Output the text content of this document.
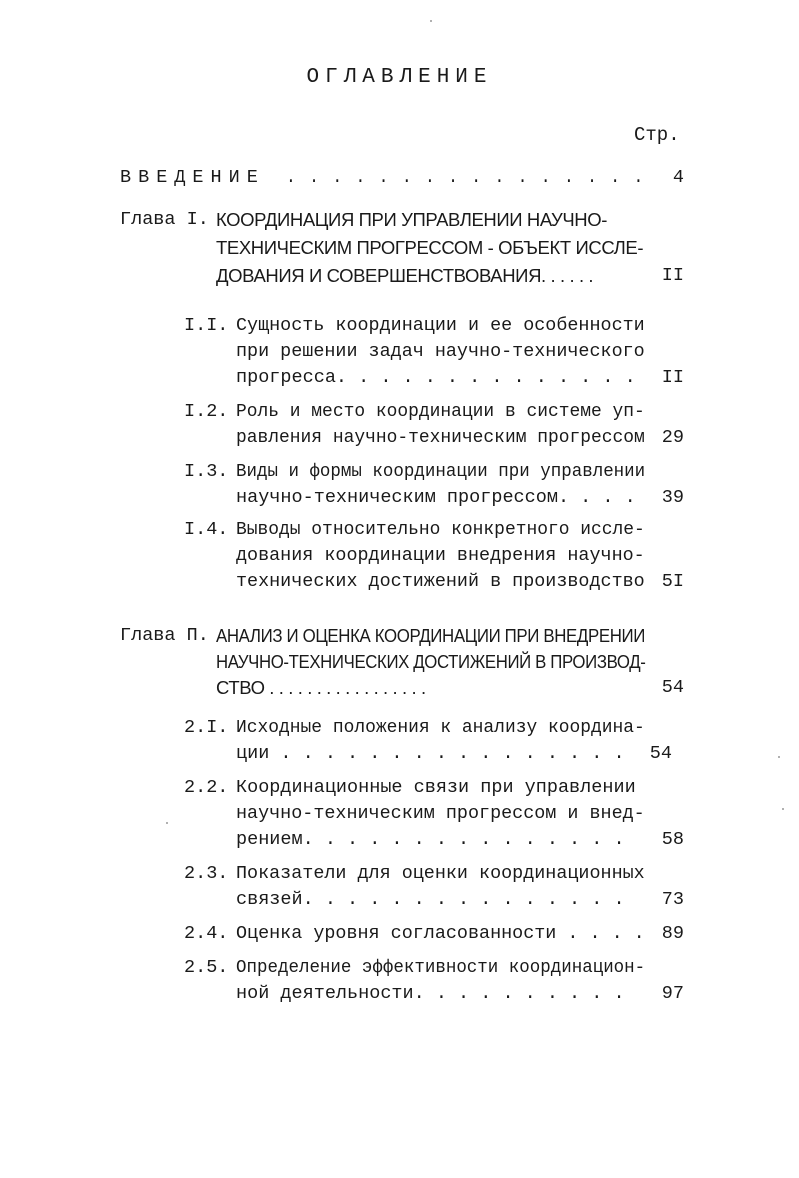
ОГЛАВЛЕНИЕ
Стр.
ВВЕДЕНИЕ . . . . . . . . . . . . . . . .	4
Глава I. КООРДИНАЦИЯ ПРИ УПРАВЛЕНИИ НАУЧНО-
ТЕХНИЧЕСКИМ ПРОГРЕССОМ - ОБЪЕКТ ИССЛЕ-
ДОВАНИЯ И СОВЕРШЕНСТВОВАНИЯ. . . . . .	II
I.I. Сущность координации и ее особенности
при решении задач научно-технического
прогресса. . . . . . . . . . . . . .	II
I.2. Роль и место координации в системе уп-
равления научно-техническим прогрессом 29
I.3. Виды и формы координации при управлении
научно-техническим прогрессом. . . .	39
I.4. Выводы относительно конкретного иссле-
дования координации внедрения научно-
технических достижений в производство 5I
Глава П. АНАЛИЗ И ОЦЕНКА КООРДИНАЦИИ ПРИ ВНЕДРЕНИИ
НАУЧНО-ТЕХНИЧЕСКИХ ДОСТИЖЕНИЙ В ПРОИЗВОД-
СТВО . . . . . . . . . . . . . . . . .	54
2.I. Исходные положения к анализу координа-
ции . . . . . . . . . . . . . . . .	54
2.2. Координационные связи при управлении
научно-техническим прогрессом и внед-
рением. . . . . . . . . . . . . . .	58
2.3. Показатели для оценки координационных
связей. . . . . . . . . . . . . . .	73
2.4. Оценка уровня согласованности . . . . 89
2.5. Определение эффективности координацион-
ной деятельности. . . . . . . . . .	97
